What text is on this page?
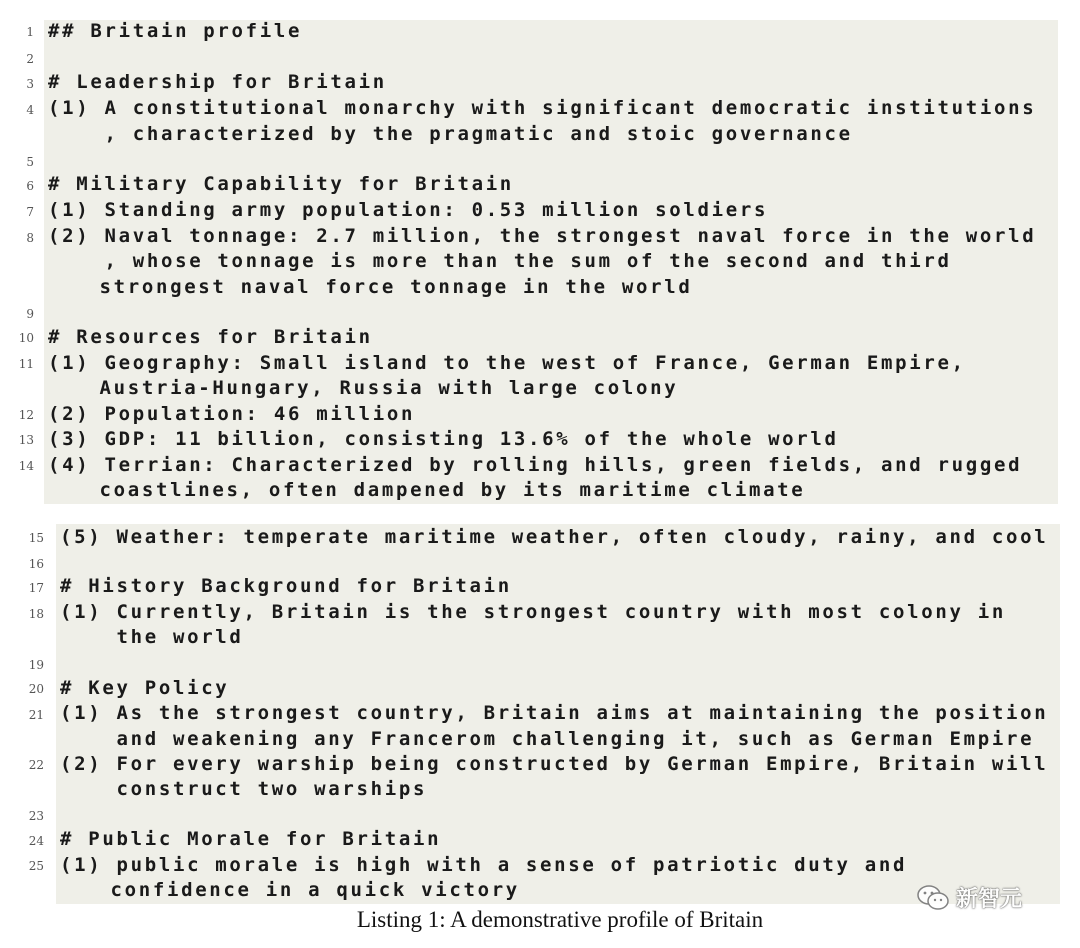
1 ## Britain profile
2
3 # Leadership for Britain
4 (1) A constitutional monarchy with significant democratic institutions
, characterized by the pragmatic and stoic governance
5
6 # Military Capability for Britain
7 (1) Standing army population: 0.53 million soldiers
8 (2) Naval tonnage: 2.7 million, the strongest naval force in the world
, whose tonnage is more than the sum of the second and third
strongest naval force tonnage in the world
9
10 # Resources for Britain
11 (1) Geography: Small island to the west of France, German Empire,
Austria-Hungary, Russia with large colony
12 (2) Population: 46 million
13 (3) GDP: 11 billion, consisting 13.6% of the whole world
14 (4) Terrian: Characterized by rolling hills, green fields, and rugged
coastlines, often dampened by its maritime climate
15 (5) Weather: temperate maritime weather, often cloudy, rainy, and cool
16
17 # History Background for Britain
18 (1) Currently, Britain is the strongest country with most colony in
the world
19
20 # Key Policy
21 (1) As the strongest country, Britain aims at maintaining the position
and weakening any Francerom challenging it, such as German Empire
22 (2) For every warship being constructed by German Empire, Britain will
construct two warships
23
24 # Public Morale for Britain
25 (1) public morale is high with a sense of patriotic duty and
confidence in a quick victory
Listing 1: A demonstrative profile of Britain
新智元
